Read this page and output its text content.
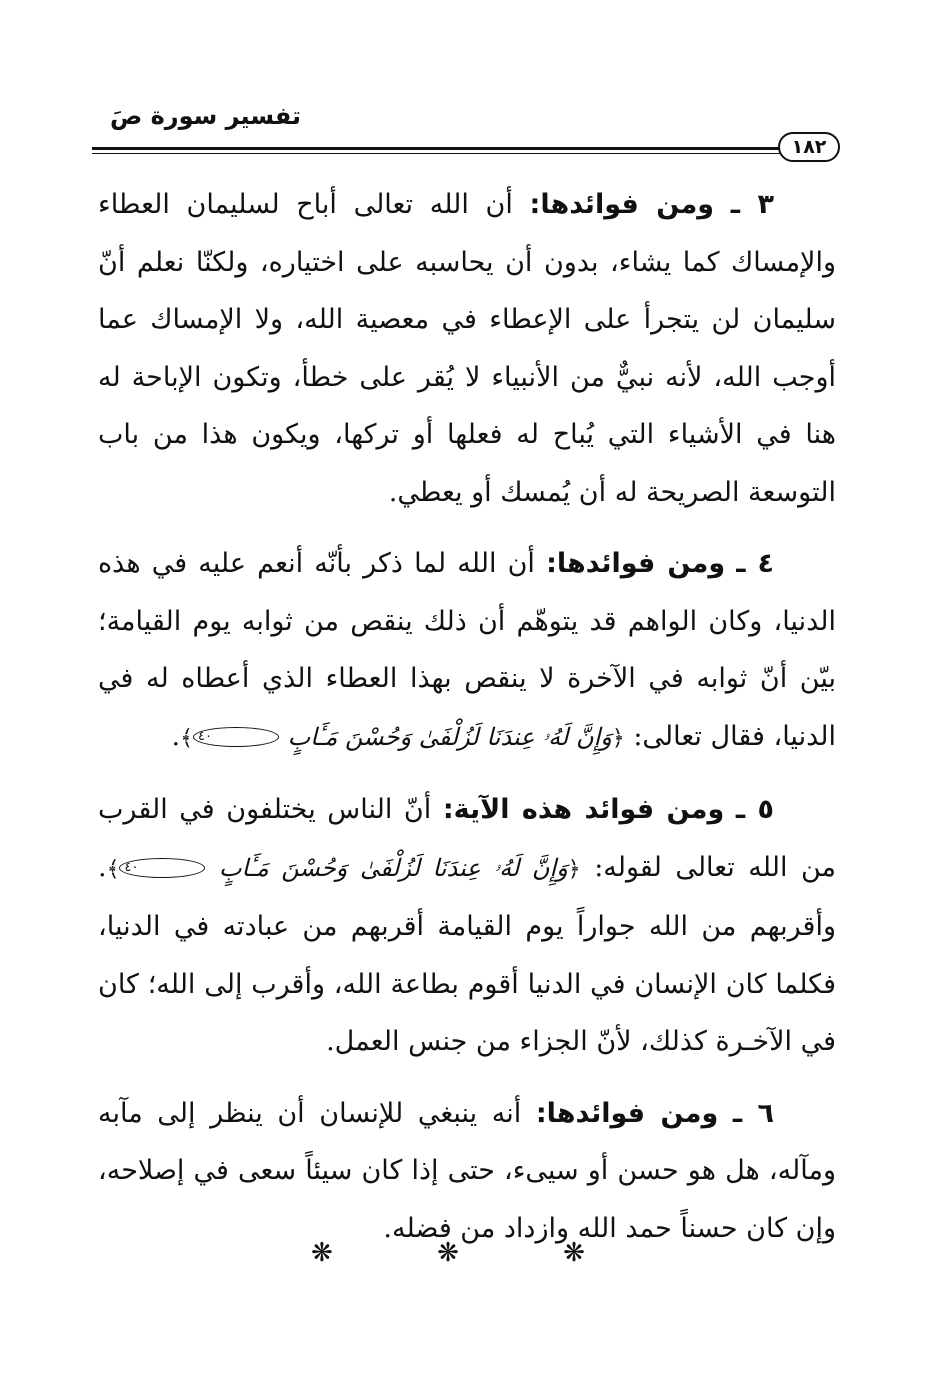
تفسير سورة صَ
١٨٢

٣ ـ ومن فوائدها: أن الله تعالى أباح لسليمان العطاء والإمساك كما يشاء، بدون أن يحاسبه على اختياره، ولكنّا نعلم أنّ سليمان لن يتجرأ على الإعطاء في معصية الله، ولا الإمساك عما أوجب الله، لأنه نبيٌّ من الأنبياء لا يُقر على خطأ، وتكون الإباحة له هنا في الأشياء التي يُباح له فعلها أو تركها، ويكون هذا من باب التوسعة الصريحة له أن يُمسك أو يعطي.

٤ ـ ومن فوائدها: أن الله لما ذكر بأنّه أنعم عليه في هذه الدنيا، وكان الواهم قد يتوهّم أن ذلك ينقص من ثوابه يوم القيامة؛ بيّن أنّ ثوابه في الآخرة لا ينقص بهذا العطاء الذي أعطاه له في الدنيا، فقال تعالى: ﴿وَإِنَّ لَهُۥ عِندَنَا لَزُلْفَىٰ وَحُسْنَ مَـَٔابٍ ٤٠﴾.

٥ ـ ومن فوائد هذه الآية: أنّ الناس يختلفون في القرب من الله تعالى لقوله: ﴿وَإِنَّ لَهُۥ عِندَنَا لَزُلْفَىٰ وَحُسْنَ مَـَٔابٍ ٤٠﴾. وأقربهم من الله جواراً يوم القيامة أقربهم من عبادته في الدنيا، فكلما كان الإنسان في الدنيا أقوم بطاعة الله، وأقرب إلى الله؛ كان في الآخـرة كذلك، لأنّ الجزاء من جنس العمل.

٦ ـ ومن فوائدها: أنه ينبغي للإنسان أن ينظر إلى مآبه ومآله، هل هو حسن أو سيىء، حتى إذا كان سيئاً سعى في إصلاحه، وإن كان حسناً حمد الله وازداد من فضله.

❋ ❋ ❋
